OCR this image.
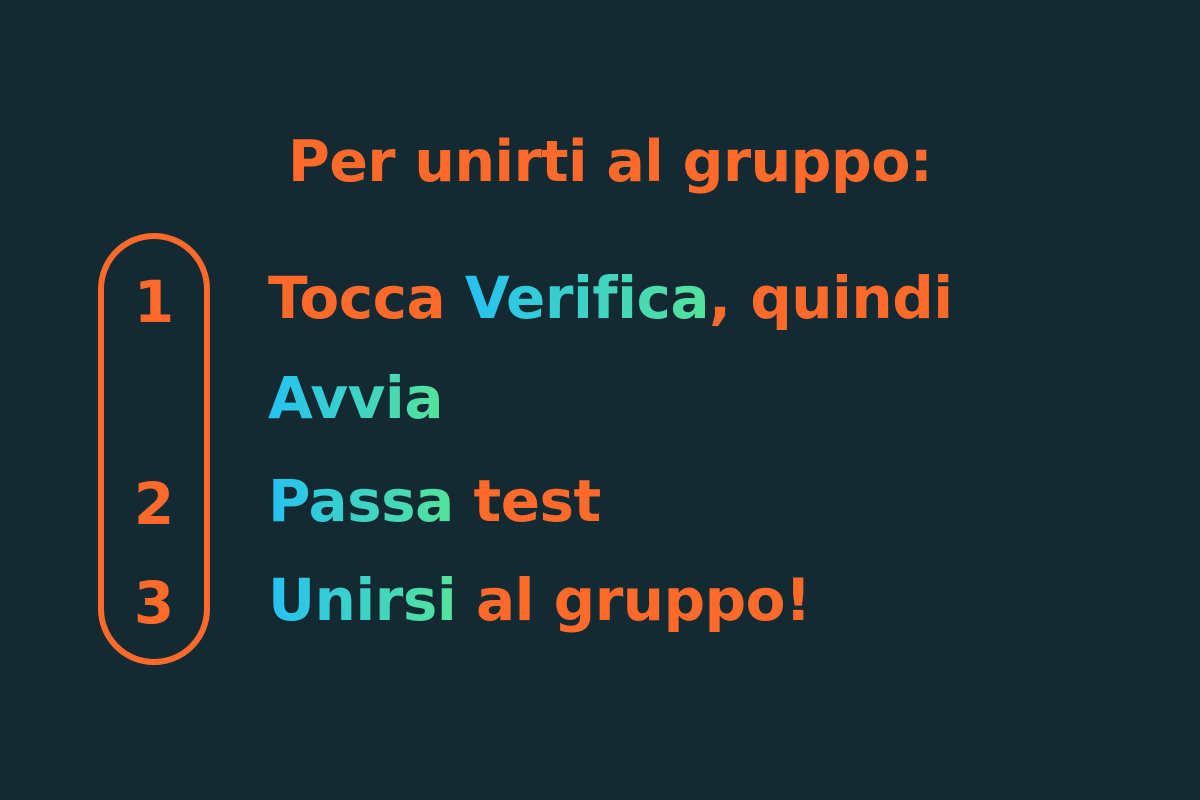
Per unirti al gruppo:
1
2
3
Tocca Verifica, quindi
Avvia
Passa test
Unirsi al gruppo!
